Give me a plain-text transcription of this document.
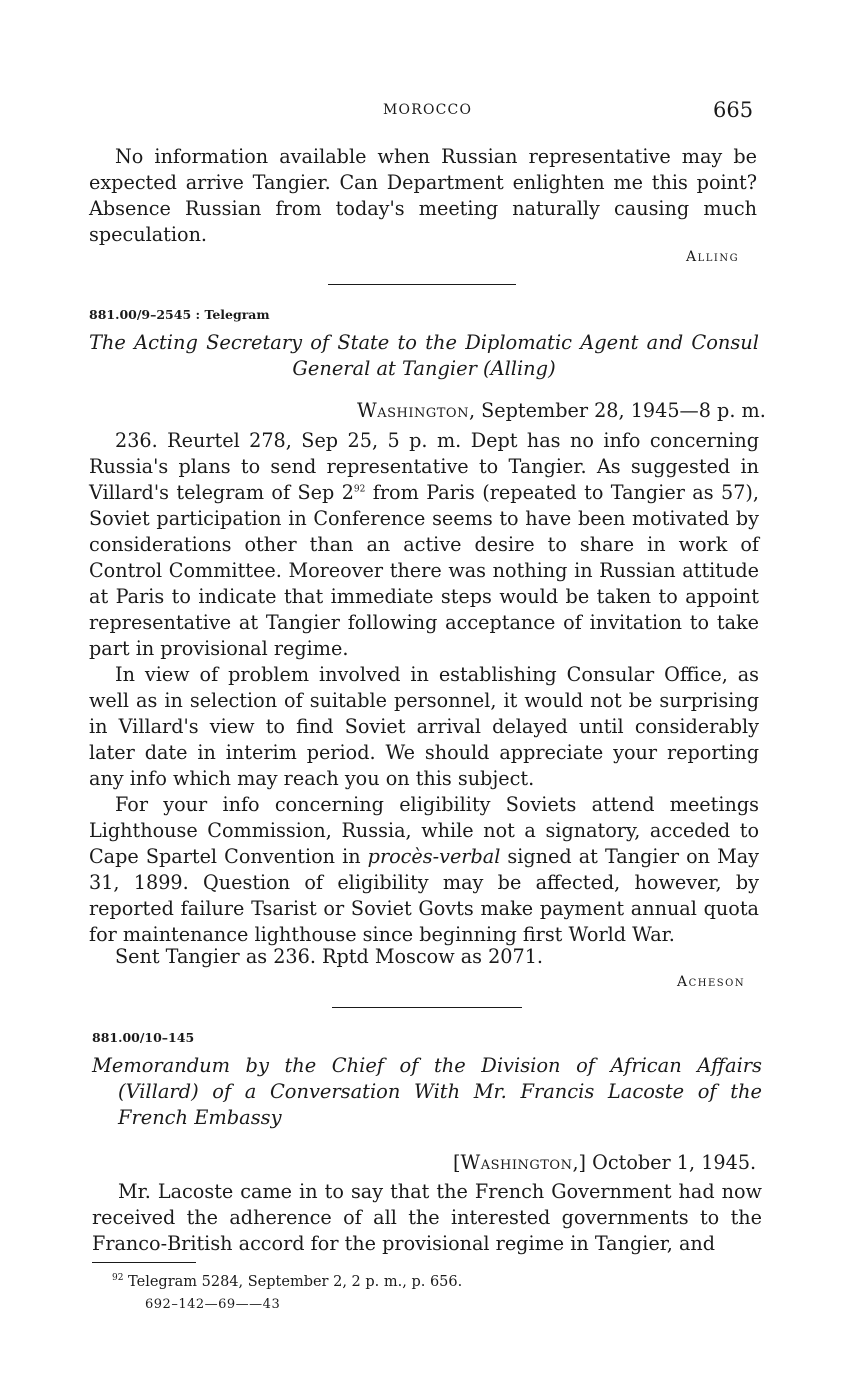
MOROCCO	665

No information available when Russian representative may be expected arrive Tangier. Can Department enlighten me this point? Absence Russian from today's meeting naturally causing much speculation.

Alling
881.00/9–2545 : Telegram

The Acting Secretary of State to the Diplomatic Agent and Consul General at Tangier (Alling)

Washington, September 28, 1945—8 p. m.

236. Reurtel 278, Sep 25, 5 p. m. Dept has no info concerning Russia's plans to send representative to Tangier. As suggested in Villard's telegram of Sep $2^{92}$ from Paris (repeated to Tangier as 57), Soviet participation in Conference seems to have been motivated by considerations other than an active desire to share in work of Control Committee. Moreover there was nothing in Russian attitude at Paris to indicate that immediate steps would be taken to appoint representative at Tangier following acceptance of invitation to take part in provisional regime.

In view of problem involved in establishing Consular Office, as well as in selection of suitable personnel, it would not be surprising in Villard's view to find Soviet arrival delayed until considerably later date in interim period. We should appreciate your reporting any info which may reach you on this subject.

For your info concerning eligibility Soviets attend meetings Lighthouse Commission, Russia, while not a signatory, acceded to Cape Spartel Convention in procès-verbal signed at Tangier on May 31, 1899. Question of eligibility may be affected, however, by reported failure Tsarist or Soviet Govts make payment annual quota for maintenance lighthouse since beginning first World War.

Sent Tangier as 236. Rptd Moscow as 2071.

Acheson
881.00/10–145

Memorandum by the Chief of the Division of African Affairs (Villard) of a Conversation With Mr. Francis Lacoste of the French Embassy

[Washington,] October 1, 1945.

Mr. Lacoste came in to say that the French Government had now received the adherence of all the interested governments to the Franco-British accord for the provisional regime in Tangier, and

$^{92}$ Telegram 5284, September 2, 2 p. m., p. 656.
692–142—69——43
